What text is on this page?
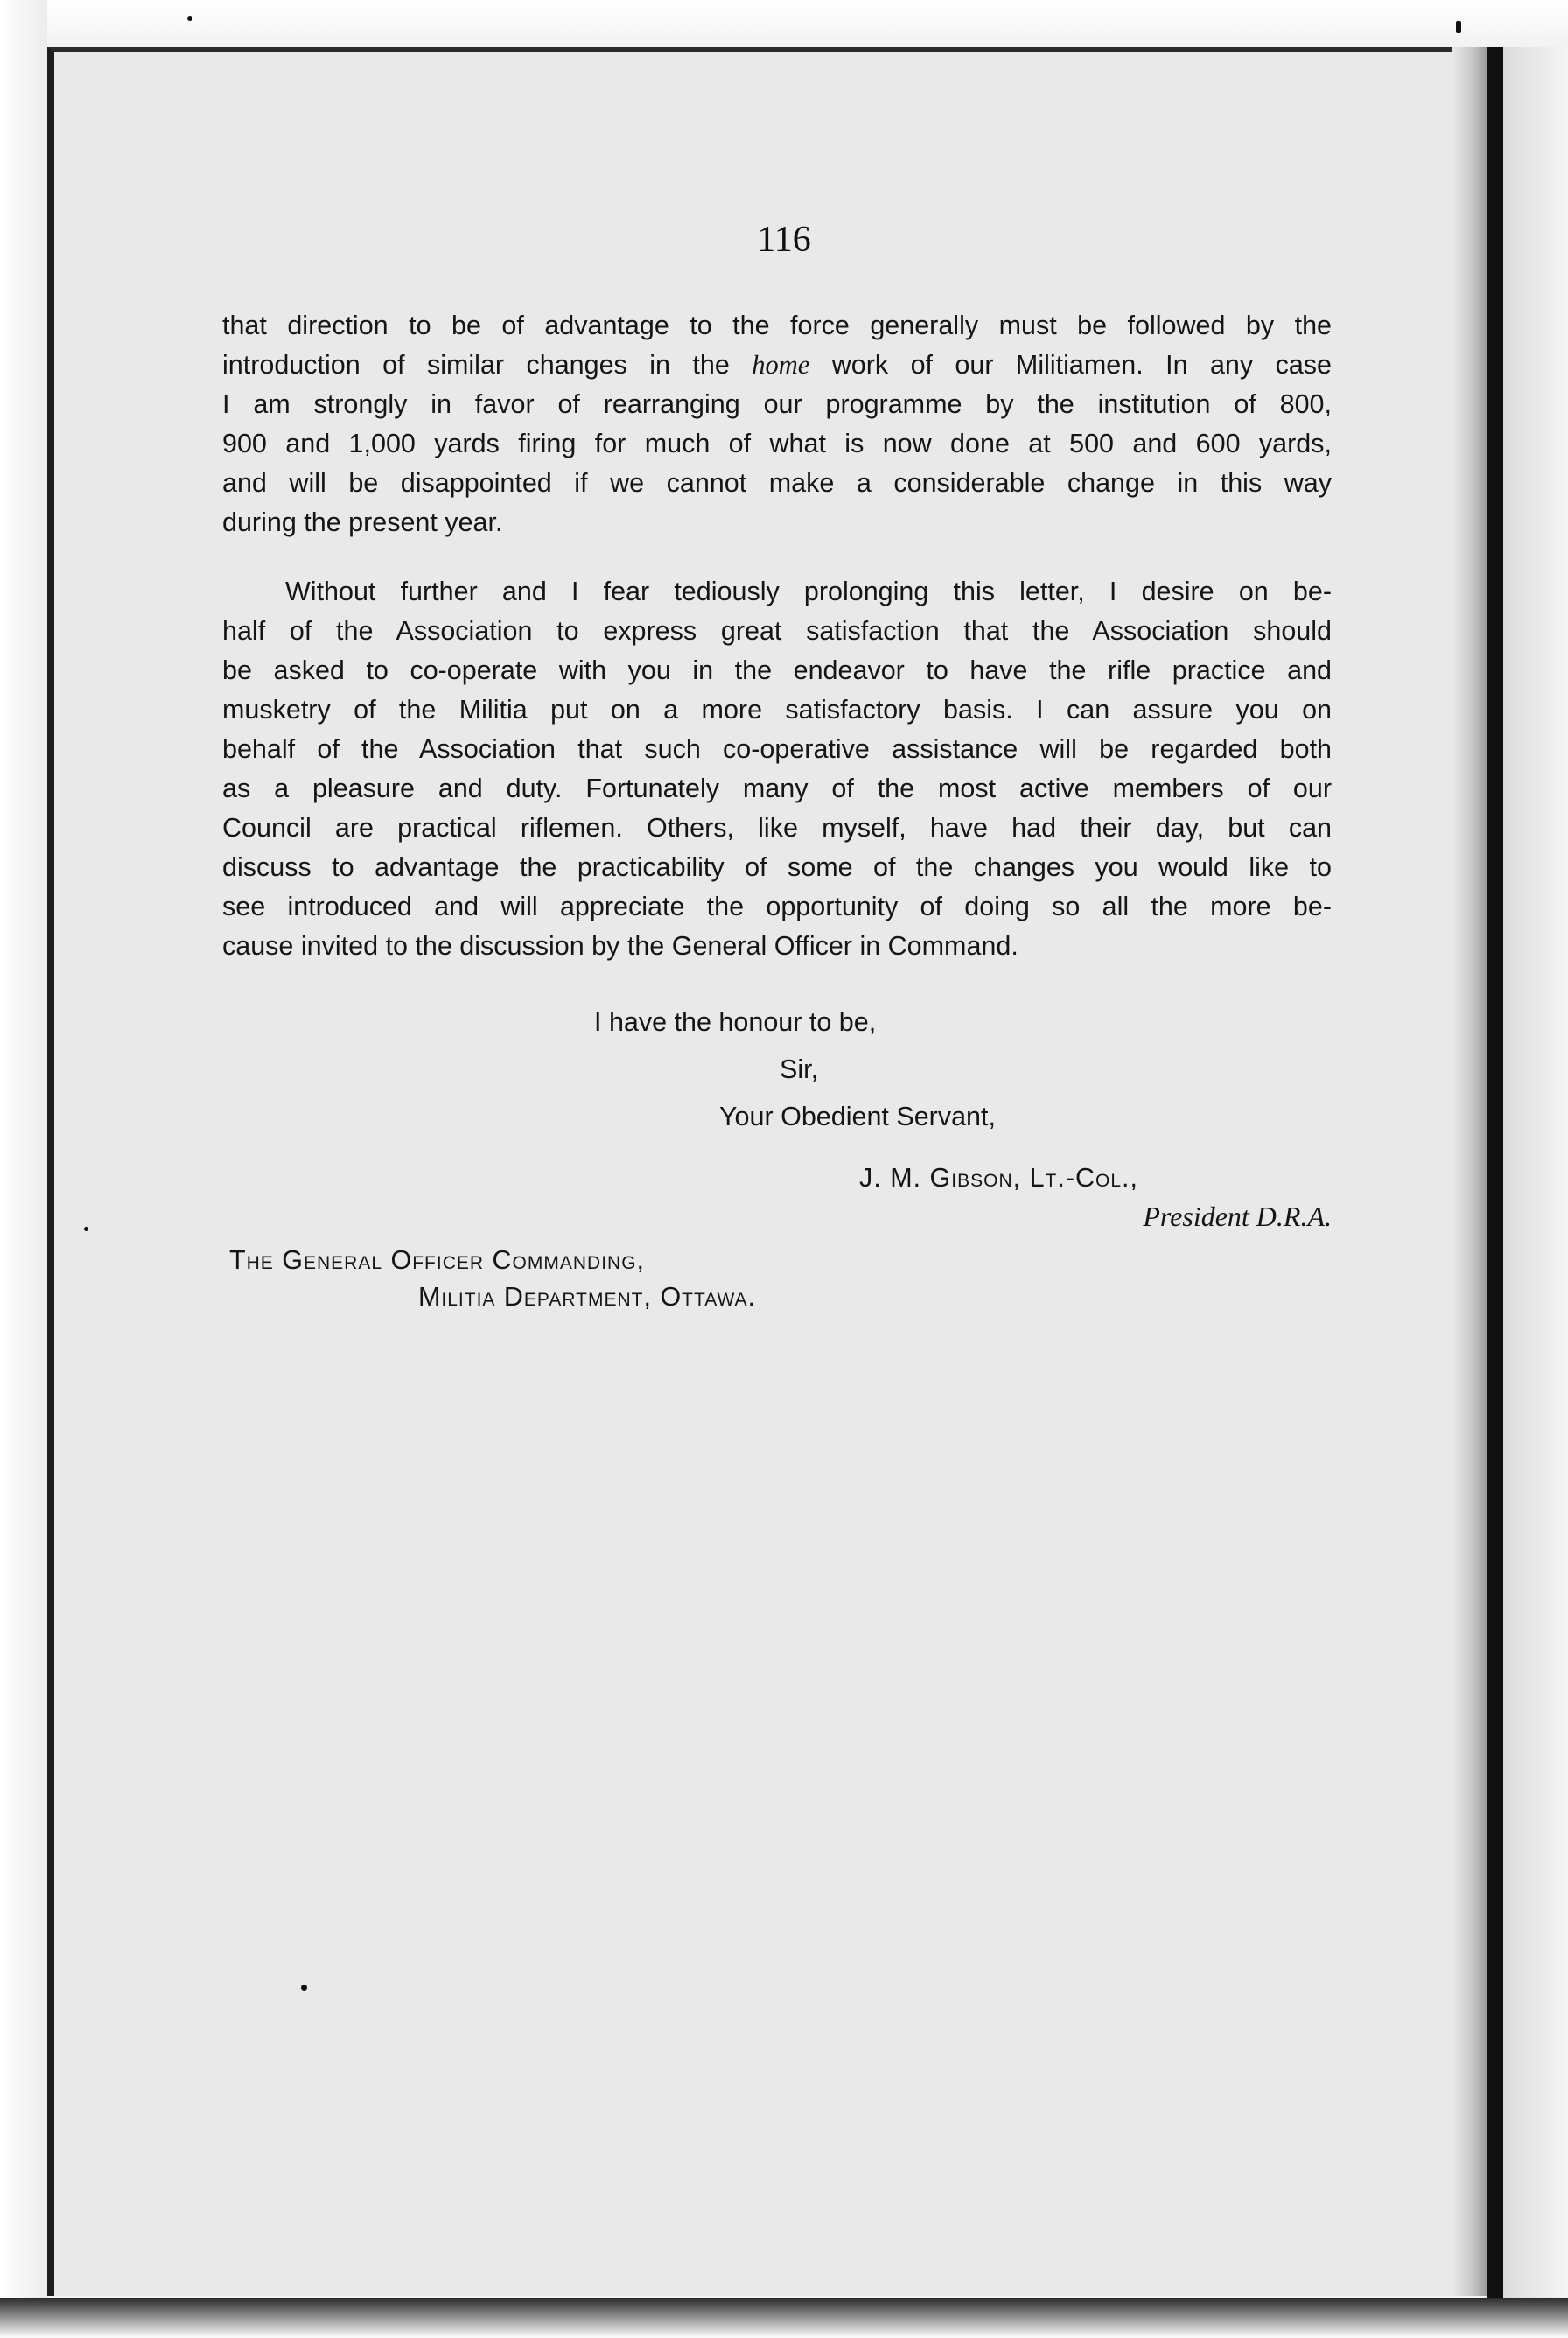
116
that direction to be of advantage to the force generally must be followed by the
introduction of similar changes in the home work of our Militiamen. In any case
I am strongly in favor of rearranging our programme by the institution of 800,
900 and 1,000 yards firing for much of what is now done at 500 and 600 yards,
and will be disappointed if we cannot make a considerable change in this way
during the present year.
Without further and I fear tediously prolonging this letter, I desire on be-
half of the Association to express great satisfaction that the Association should
be asked to co-operate with you in the endeavor to have the rifle practice and
musketry of the Militia put on a more satisfactory basis. I can assure you on
behalf of the Association that such co-operative assistance will be regarded both
as a pleasure and duty. Fortunately many of the most active members of our
Council are practical riflemen. Others, like myself, have had their day, but can
discuss to advantage the practicability of some of the changes you would like to
see introduced and will appreciate the opportunity of doing so all the more be-
cause invited to the discussion by the General Officer in Command.
I have the honour to be,
Sir,
Your Obedient Servant,
J. M. Gibson, Lt.-Col.,
President D.R.A.
The General Officer Commanding,
Militia Department, Ottawa.
